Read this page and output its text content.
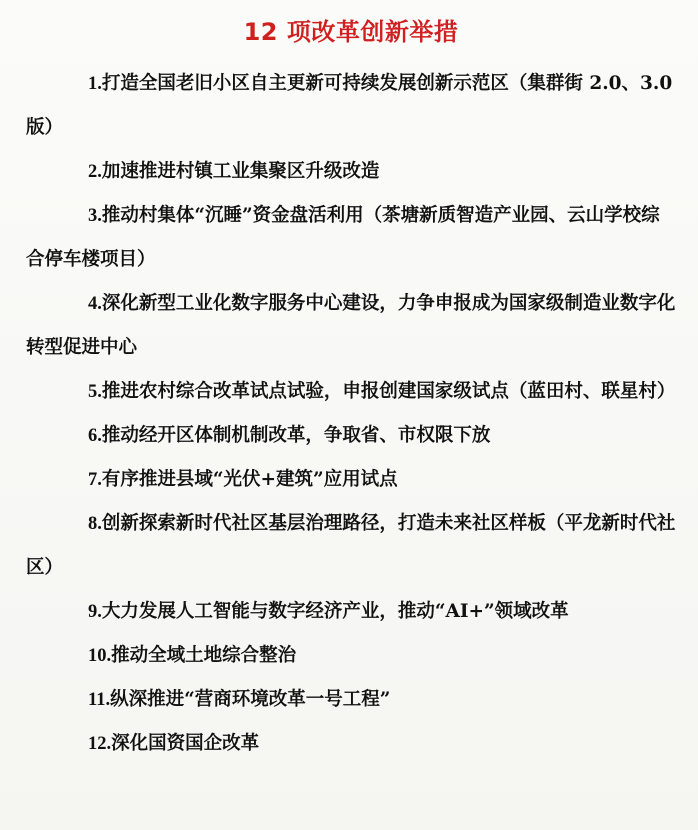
12 项改革创新举措
1.打造全国老旧小区自主更新可持续发展创新示范区（集群街 2.0、3.0 版）
2.加速推进村镇工业集聚区升级改造
3.推动村集体“沉睡”资金盘活利用（茶塘新质智造产业园、云山学校综合停车楼项目）
4.深化新型工业化数字服务中心建设，力争申报成为国家级制造业数字化转型促进中心
5.推进农村综合改革试点试验，申报创建国家级试点（蓝田村、联星村）
6.推动经开区体制机制改革，争取省、市权限下放
7.有序推进县域“光伏+建筑”应用试点
8.创新探索新时代社区基层治理路径，打造未来社区样板（平龙新时代社区）
9.大力发展人工智能与数字经济产业，推动“AI+”领域改革
10.推动全域土地综合整治
11.纵深推进“营商环境改革一号工程”
12.深化国资国企改革
